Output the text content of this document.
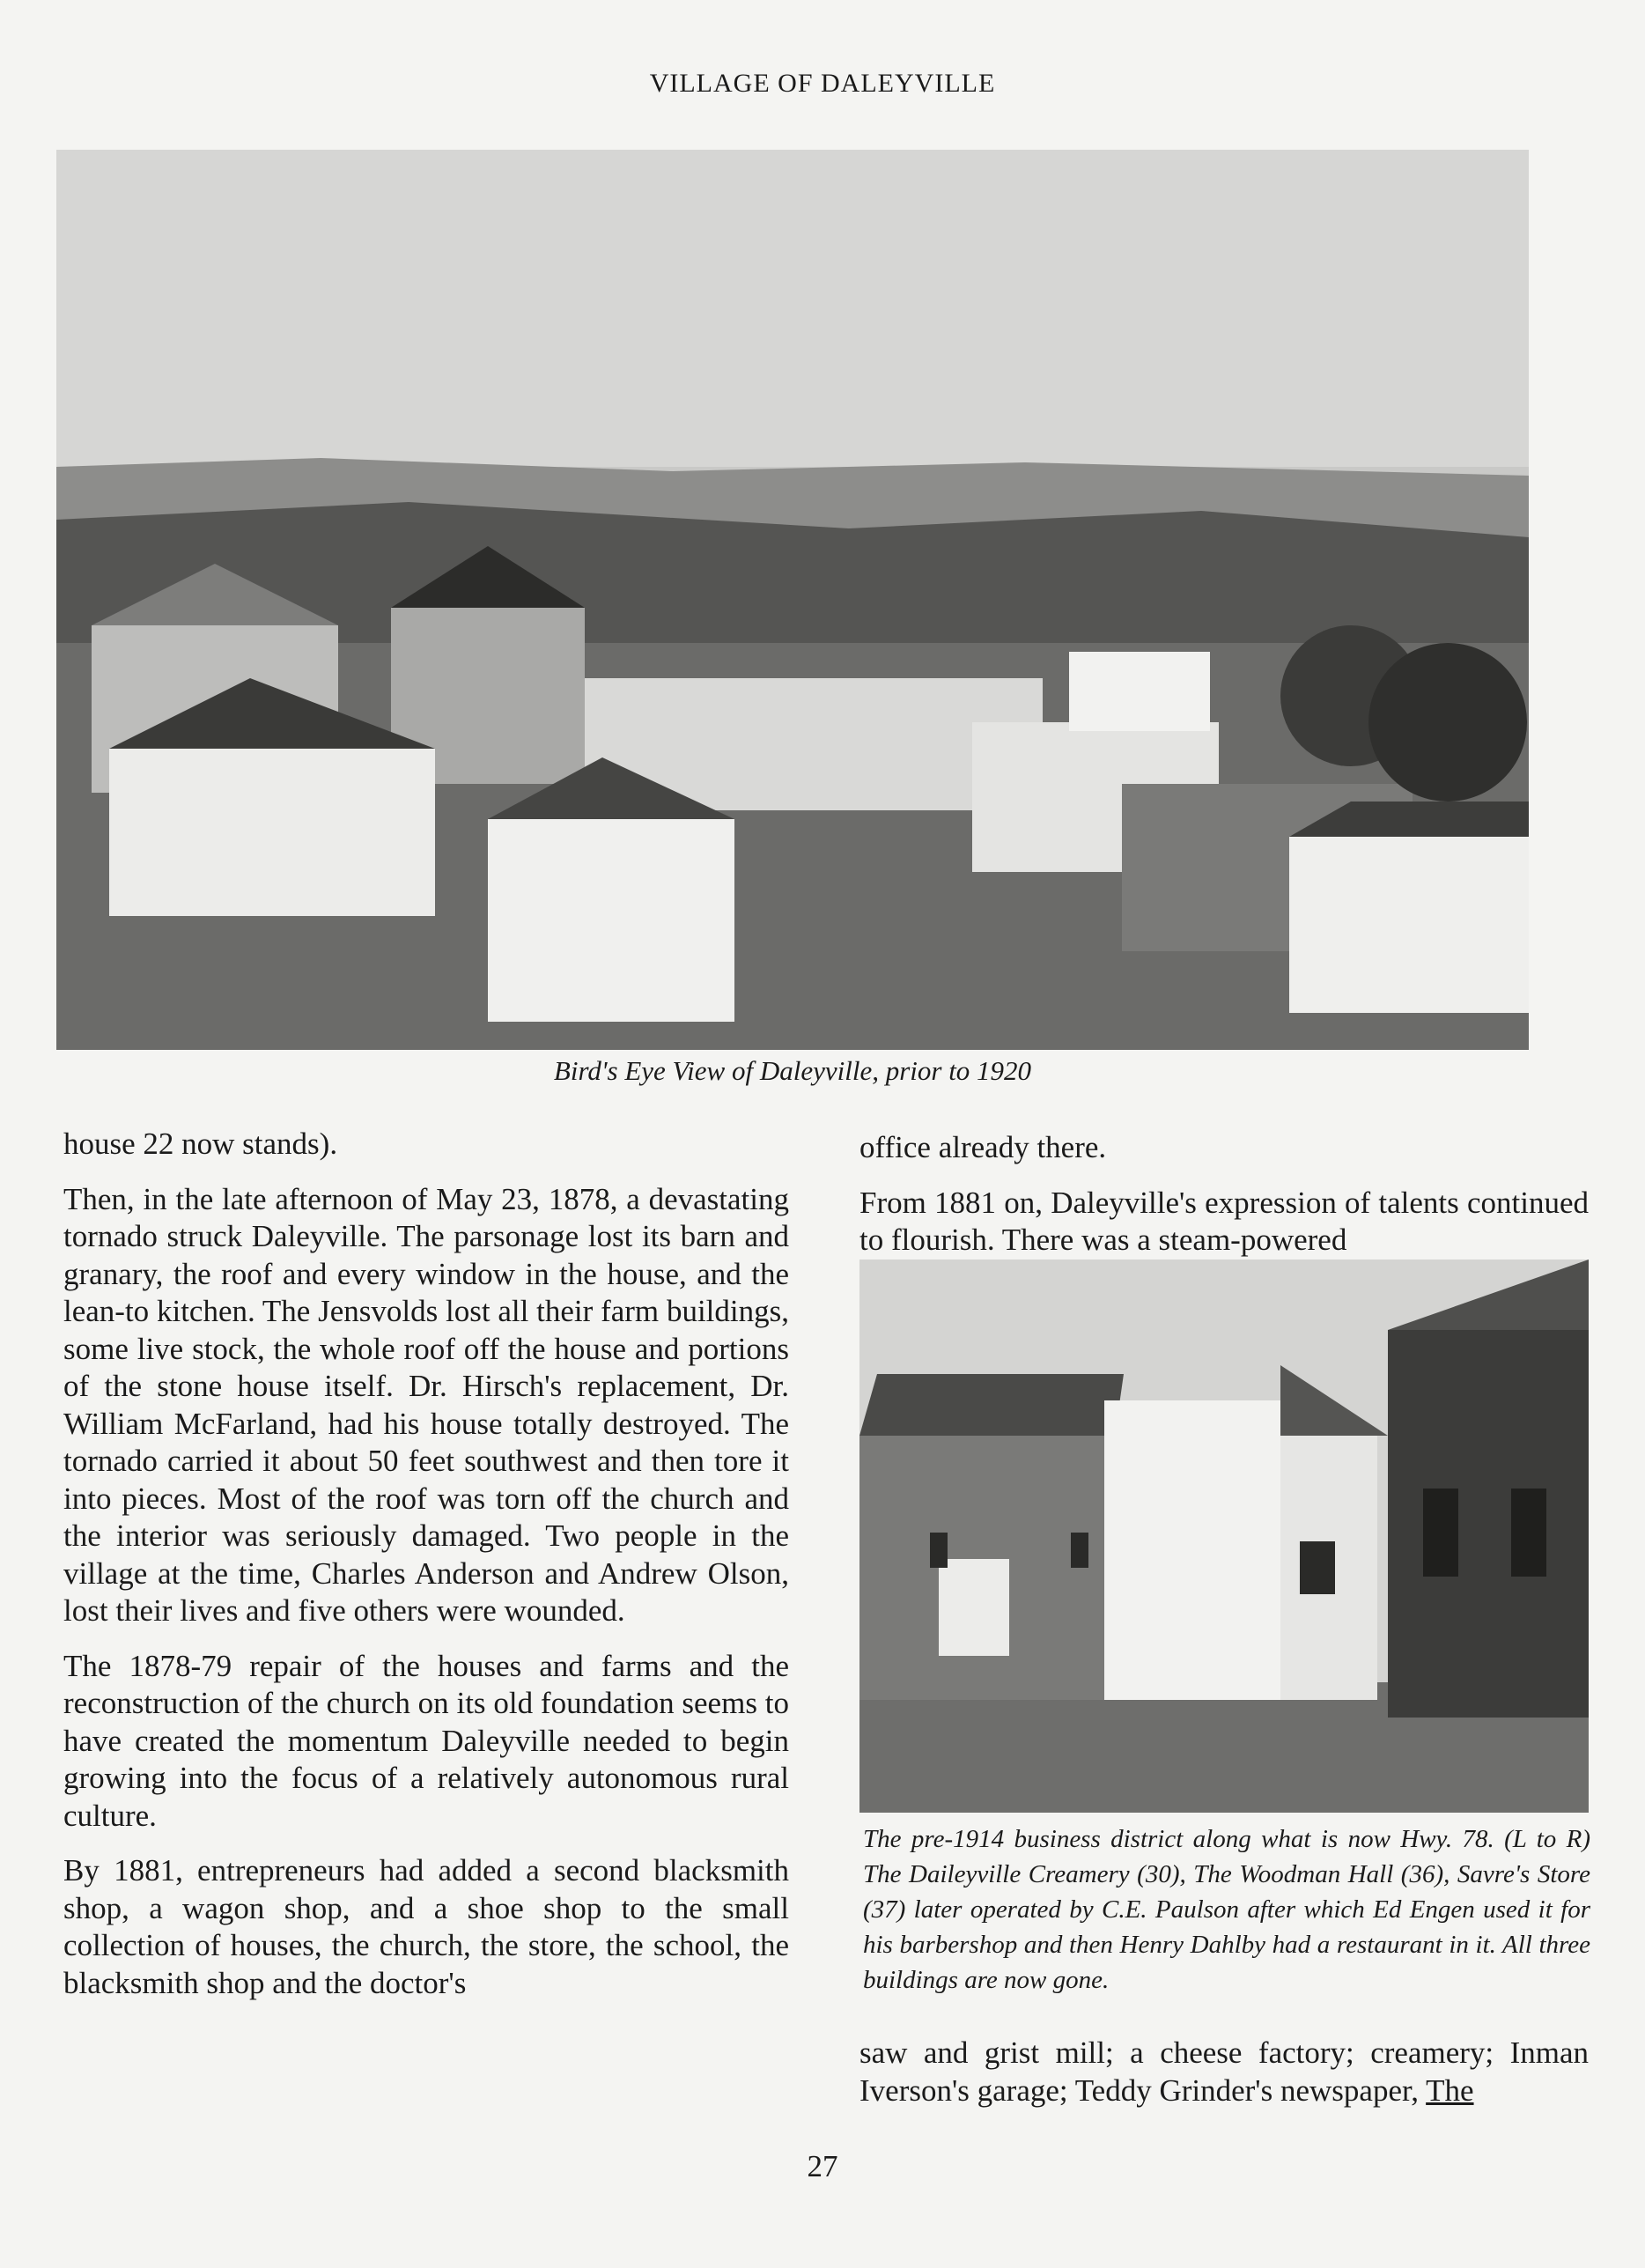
VILLAGE OF DALEYVILLE
Bird's Eye View of Daleyville, prior to 1920

house 22 now stands).

Then, in the late afternoon of May 23, 1878, a devastating tornado struck Daleyville. The parsonage lost its barn and granary, the roof and every window in the house, and the lean-to kitchen. The Jensvolds lost all their farm buildings, some live stock, the whole roof off the house and portions of the stone house itself. Dr. Hirsch's replacement, Dr. William McFarland, had his house totally destroyed. The tornado carried it about 50 feet southwest and then tore it into pieces. Most of the roof was torn off the church and the interior was seriously damaged. Two people in the village at the time, Charles Anderson and Andrew Olson, lost their lives and five others were wounded.

The 1878-79 repair of the houses and farms and the reconstruction of the church on its old foundation seems to have created the momentum Daleyville needed to begin growing into the focus of a relatively autonomous rural culture.

By 1881, entrepreneurs had added a second blacksmith shop, a wagon shop, and a shoe shop to the small collection of houses, the church, the store, the school, the blacksmith shop and the doctor's

office already there.

From 1881 on, Daleyville's expression of talents continued to flourish. There was a steam-powered

The pre-1914 business district along what is now Hwy. 78. (L to R) The Daileyville Creamery (30), The Woodman Hall (36), Savre's Store (37) later operated by C.E. Paulson after which Ed Engen used it for his barbershop and then Henry Dahlby had a restaurant in it. All three buildings are now gone.

saw and grist mill; a cheese factory; creamery; Inman Iverson's garage; Teddy Grinder's newspaper, The

27
